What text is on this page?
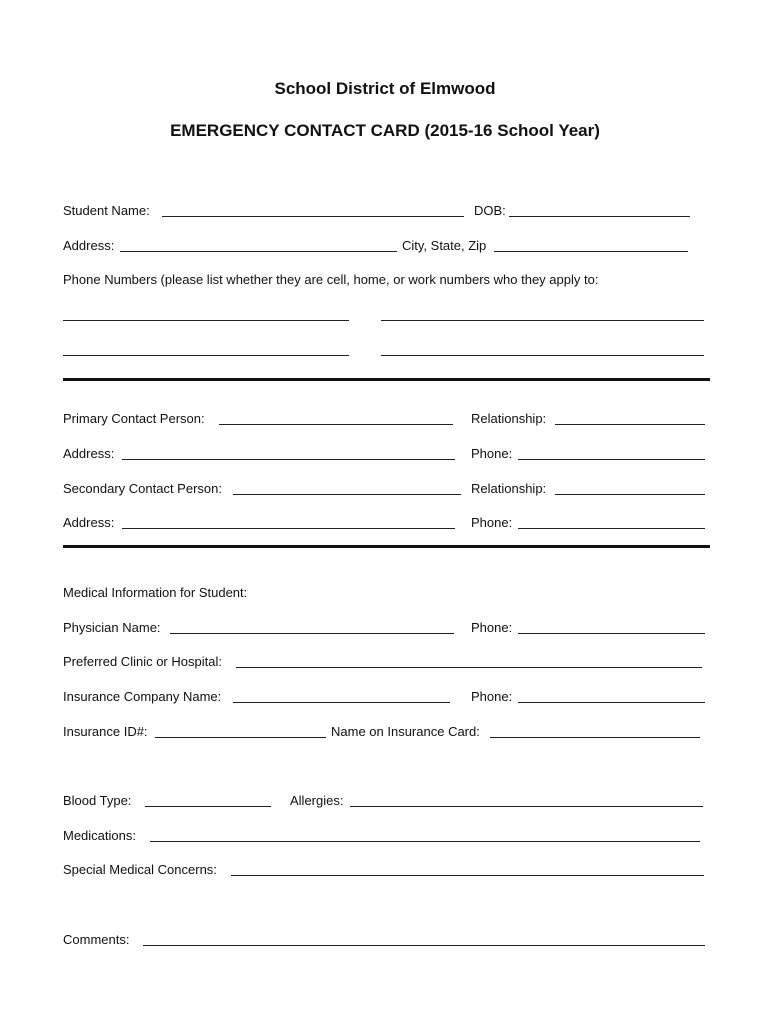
School District of Elmwood
EMERGENCY CONTACT CARD (2015-16 School Year)
Student Name:	DOB:
Address:	City, State, Zip
Phone Numbers (please list whether they are cell, home, or work numbers who they apply to:
Primary Contact Person:	Relationship:
Address:	Phone:
Secondary Contact Person:	Relationship:
Address:	Phone:
Medical Information for Student:
Physician Name:	Phone:
Preferred Clinic or Hospital:
Insurance Company Name:	Phone:
Insurance ID#:	Name on Insurance Card:
Blood Type:	Allergies:
Medications:
Special Medical Concerns:
Comments:
